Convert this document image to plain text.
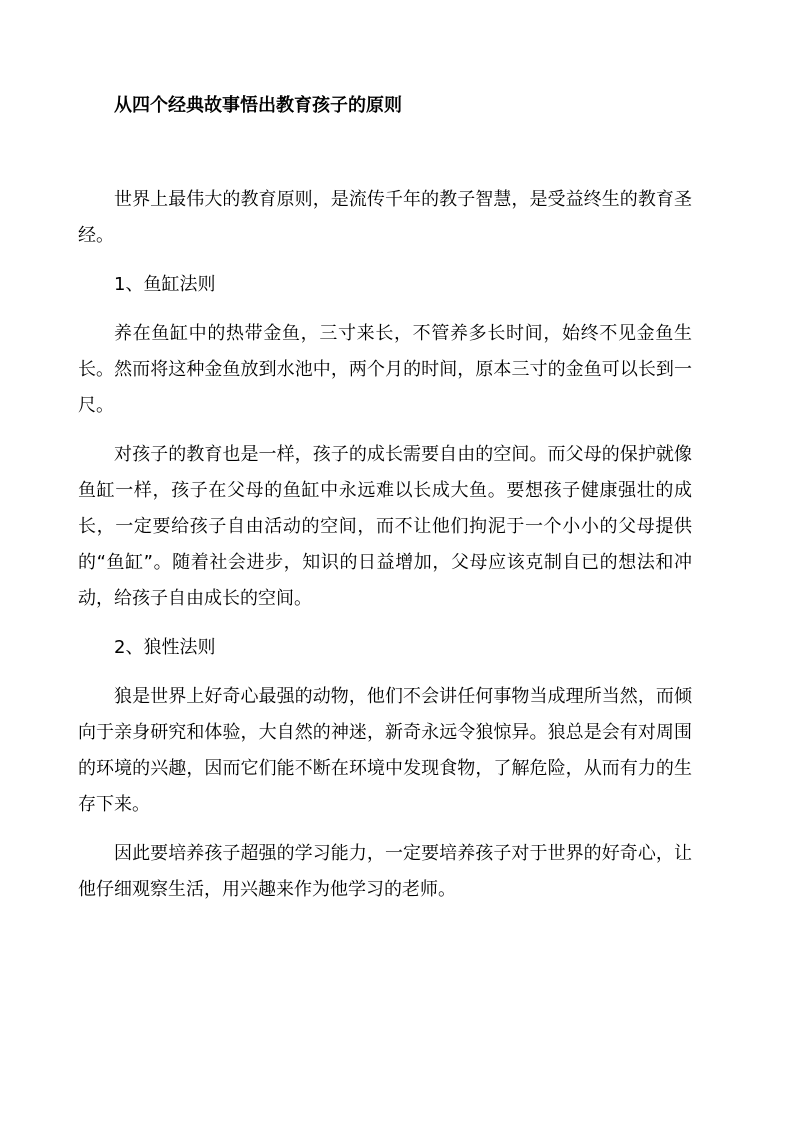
从四个经典故事悟出教育孩子的原则

世界上最伟大的教育原则，是流传千年的教子智慧，是受益终生的教育圣经。

1、鱼缸法则

养在鱼缸中的热带金鱼，三寸来长，不管养多长时间，始终不见金鱼生长。然而将这种金鱼放到水池中，两个月的时间，原本三寸的金鱼可以长到一尺。

对孩子的教育也是一样，孩子的成长需要自由的空间。而父母的保护就像鱼缸一样，孩子在父母的鱼缸中永远难以长成大鱼。要想孩子健康强壮的成长，一定要给孩子自由活动的空间，而不让他们拘泥于一个小小的父母提供的“鱼缸”。随着社会进步，知识的日益增加，父母应该克制自已的想法和冲动，给孩子自由成长的空间。

2、狼性法则

狼是世界上好奇心最强的动物，他们不会讲任何事物当成理所当然，而倾向于亲身研究和体验，大自然的神迷，新奇永远令狼惊异。狼总是会有对周围的环境的兴趣，因而它们能不断在环境中发现食物，了解危险，从而有力的生存下来。

因此要培养孩子超强的学习能力，一定要培养孩子对于世界的好奇心，让他仔细观察生活，用兴趣来作为他学习的老师。
